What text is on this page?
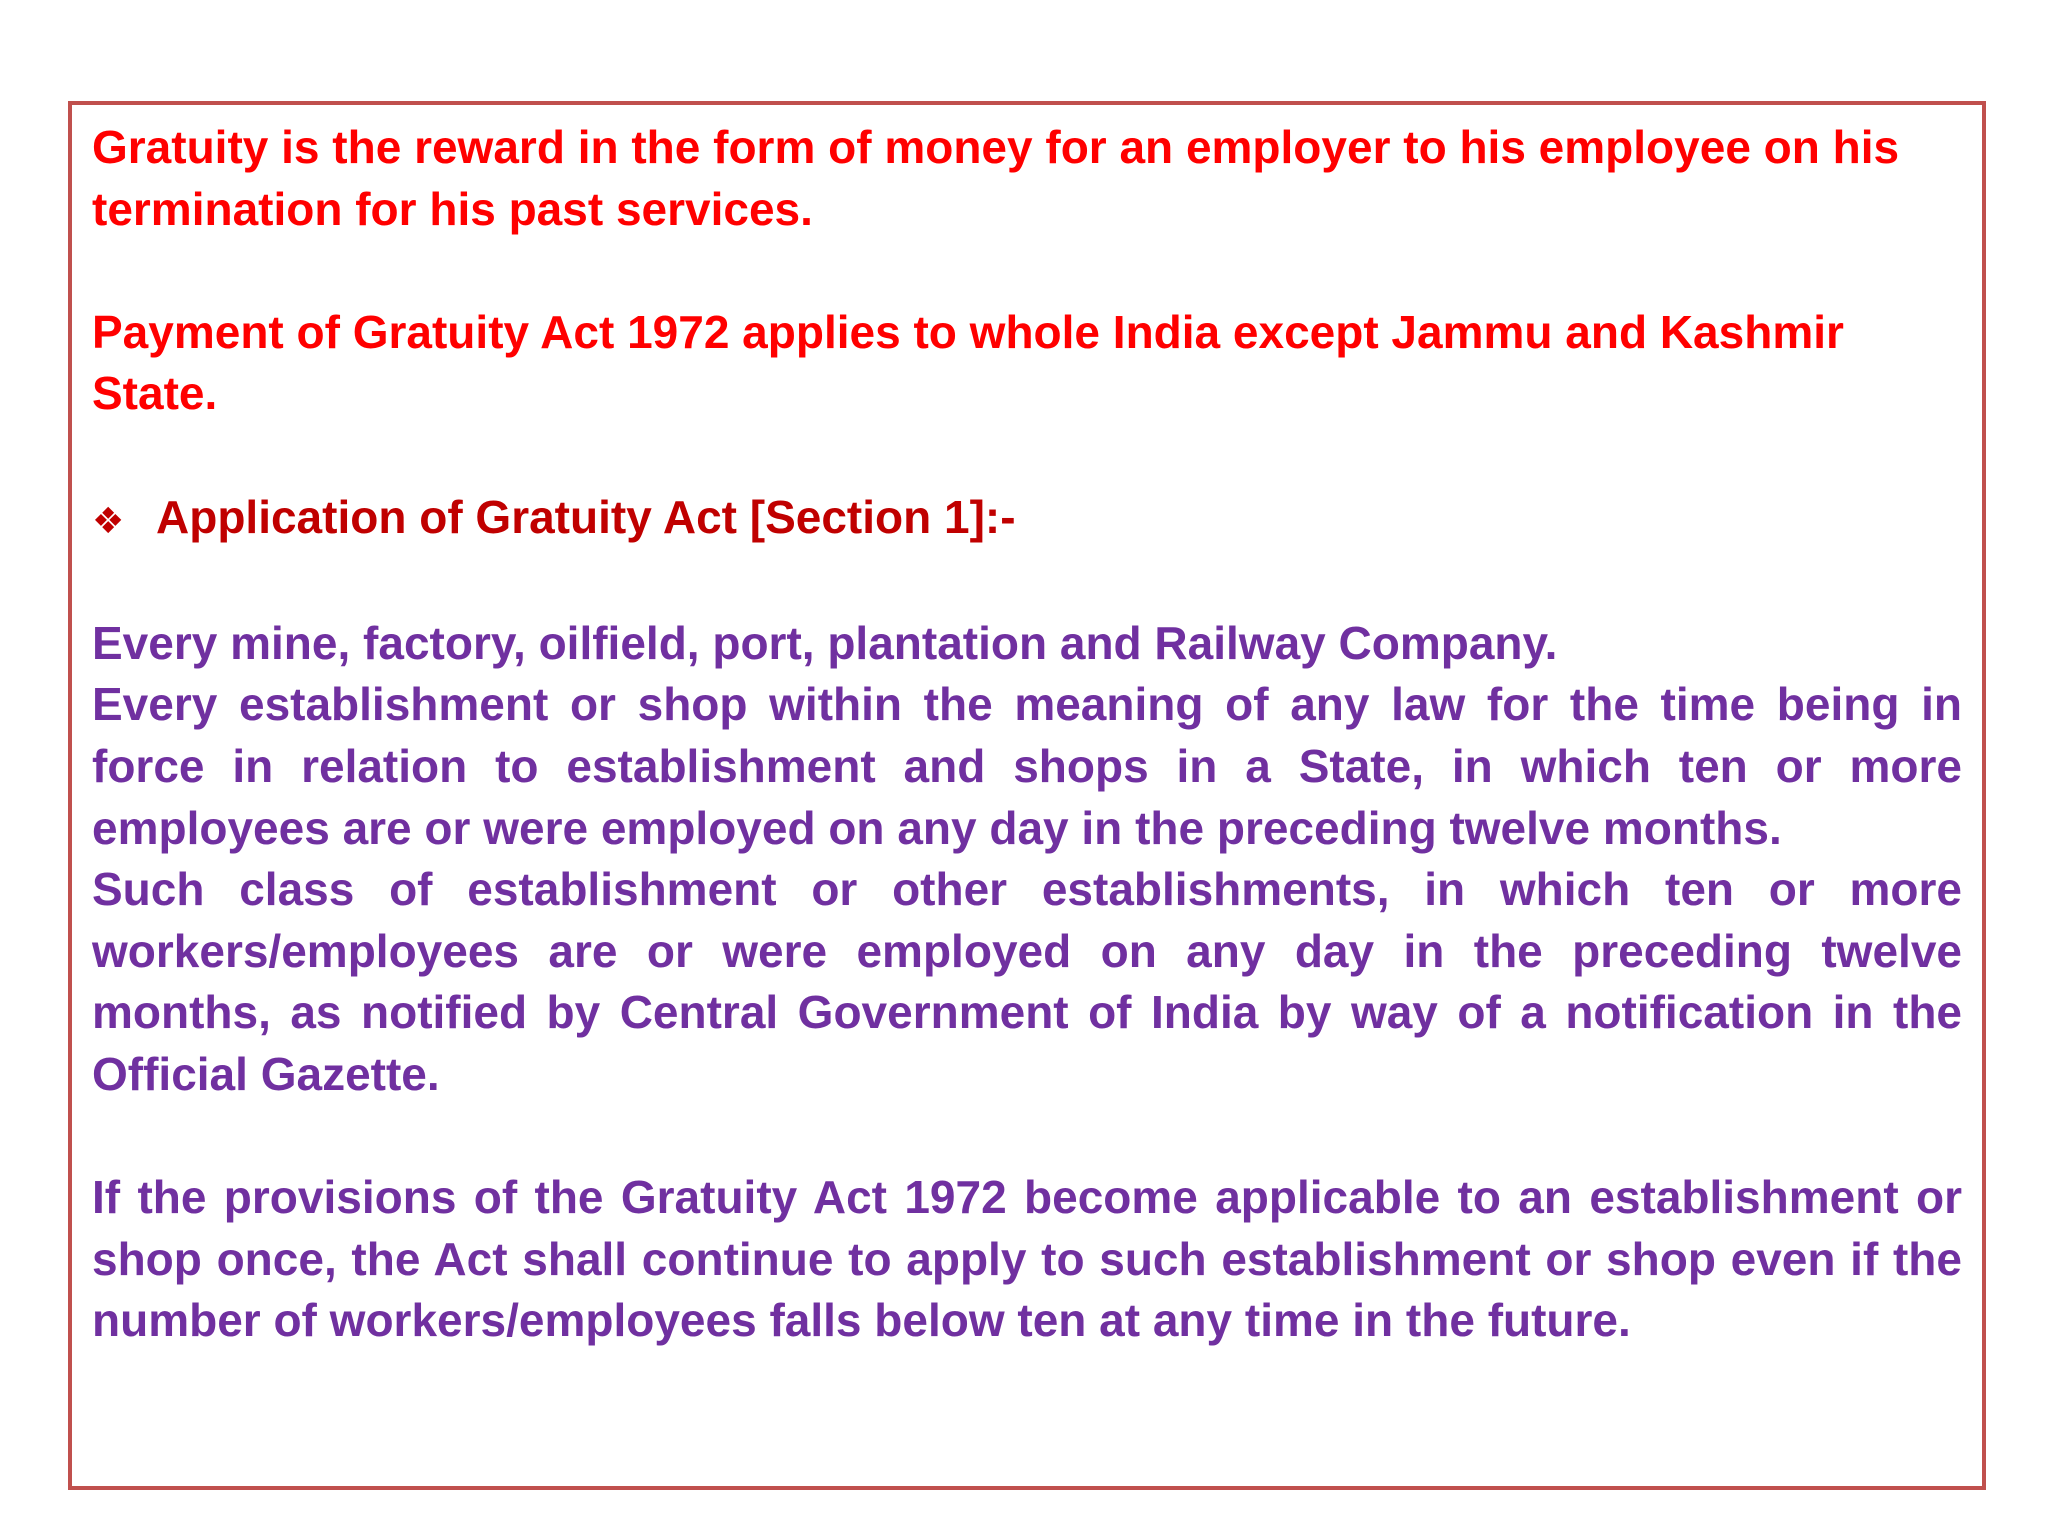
Gratuity is the reward in the form of money for an employer to his employee on his termination for his past services.

Payment of Gratuity Act 1972 applies to whole India except Jammu and Kashmir State.

❖ Application of Gratuity Act [Section 1]:-

Every mine, factory, oilfield, port, plantation and Railway Company.

Every establishment or shop within the meaning of any law for the time being in force in relation to establishment and shops in a State, in which ten or more employees are or were employed on any day in the preceding twelve months.

Such class of establishment or other establishments, in which ten or more workers/employees are or were employed on any day in the preceding twelve months, as notified by Central Government of India by way of a notification in the Official Gazette.

If the provisions of the Gratuity Act 1972 become applicable to an establishment or shop once, the Act shall continue to apply to such establishment or shop even if the number of workers/employees falls below ten at any time in the future.
